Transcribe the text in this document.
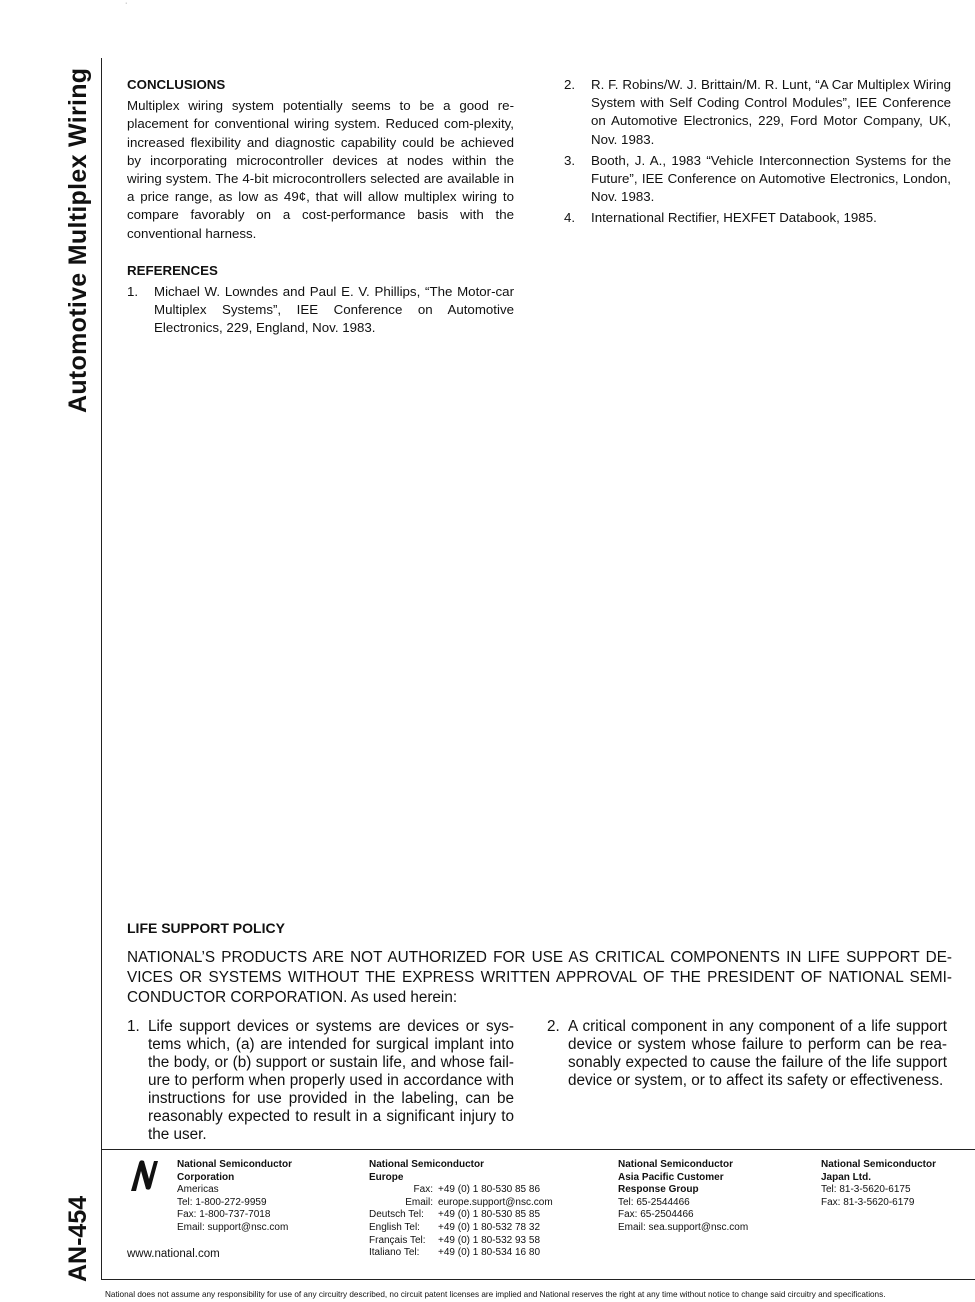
·
Automotive Multiplex Wiring
AN-454
CONCLUSIONS

Multiplex wiring system potentially seems to be a good re-placement for conventional wiring system. Reduced com-plexity, increased flexibility and diagnostic capability could be achieved by incorporating microcontroller devices at nodes within the wiring system. The 4-bit microcontrollers selected are available in a price range, as low as 49¢, that will allow multiplex wiring to compare favorably on a cost-performance basis with the conventional harness.

REFERENCES
1. Michael W. Lowndes and Paul E. V. Phillips, “The Motor-car Multiplex Systems”, IEE Conference on Automotive Electronics, 229, England, Nov. 1983.
2. R. F. Robins/W. J. Brittain/M. R. Lunt, “A Car Multiplex Wiring System with Self Coding Control Modules”, IEE Conference on Automotive Electronics, 229, Ford Motor Company, UK, Nov. 1983.
3. Booth, J. A., 1983 “Vehicle Interconnection Systems for the Future”, IEE Conference on Automotive Electronics, London, Nov. 1983.
4. International Rectifier, HEXFET Databook, 1985.
LIFE SUPPORT POLICY
NATIONAL’S PRODUCTS ARE NOT AUTHORIZED FOR USE AS CRITICAL COMPONENTS IN LIFE SUPPORT DE-VICES OR SYSTEMS WITHOUT THE EXPRESS WRITTEN APPROVAL OF THE PRESIDENT OF NATIONAL SEMI-CONDUCTOR CORPORATION. As used herein:
1. Life support devices or systems are devices or sys-tems which, (a) are intended for surgical implant into the body, or (b) support or sustain life, and whose fail-ure to perform when properly used in accordance with instructions for use provided in the labeling, can be reasonably expected to result in a significant injury to the user.
2. A critical component in any component of a life support device or system whose failure to perform can be rea-sonably expected to cause the failure of the life support device or system, or to affect its safety or effectiveness.
National Semiconductor
Corporation
Americas
Tel: 1-800-272-9959
Fax: 1-800-737-7018
Email: support@nsc.com
National Semiconductor
Europe
Fax: +49 (0) 1 80-530 85 86
Email: europe.support@nsc.com
Deutsch Tel:	+49 (0) 1 80-530 85 85
English Tel:	+49 (0) 1 80-532 78 32
Français Tel:	+49 (0) 1 80-532 93 58
Italiano Tel:	+49 (0) 1 80-534 16 80
National Semiconductor
Asia Pacific Customer
Response Group
Tel: 65-2544466
Fax: 65-2504466
Email: sea.support@nsc.com
National Semiconductor
Japan Ltd.
Tel: 81-3-5620-6175
Fax: 81-3-5620-6179
www.national.com
National does not assume any responsibility for use of any circuitry described, no circuit patent licenses are implied and National reserves the right at any time without notice to change said circuitry and specifications.
